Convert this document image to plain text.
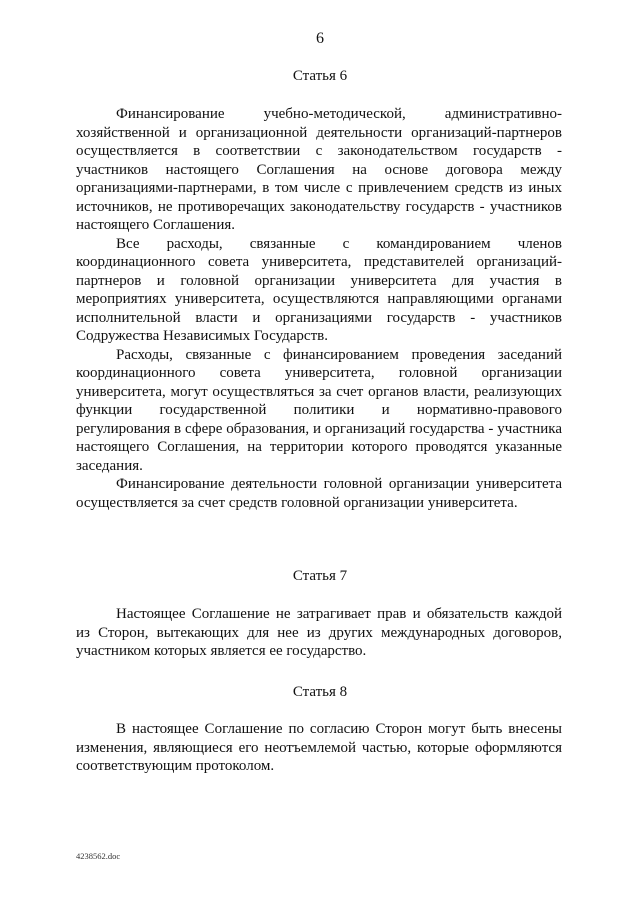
6
Статья 6

Финансирование учебно-методической, административно-хозяйственной и организационной деятельности организаций-партнеров осуществляется в соответствии с законодательством государств - участников настоящего Соглашения на основе договора между организациями-партнерами, в том числе с привлечением средств из иных источников, не противоречащих законодательству государств - участников настоящего Соглашения.

Все расходы, связанные с командированием членов координационного совета университета, представителей организаций-партнеров и головной организации университета для участия в мероприятиях университета, осуществляются направляющими органами исполнительной власти и организациями государств - участников Содружества Независимых Государств.

Расходы, связанные с финансированием проведения заседаний координационного совета университета, головной организации университета, могут осуществляться за счет органов власти, реализующих функции государственной политики и нормативно-правового регулирования в сфере образования, и организаций государства - участника настоящего Соглашения, на территории которого проводятся указанные заседания.

Финансирование деятельности головной организации университета осуществляется за счет средств головной организации университета.

Статья 7

Настоящее Соглашение не затрагивает прав и обязательств каждой из Сторон, вытекающих для нее из других международных договоров, участником которых является ее государство.

Статья 8

В настоящее Соглашение по согласию Сторон могут быть внесены изменения, являющиеся его неотъемлемой частью, которые оформляются соответствующим протоколом.

4238562.doc
